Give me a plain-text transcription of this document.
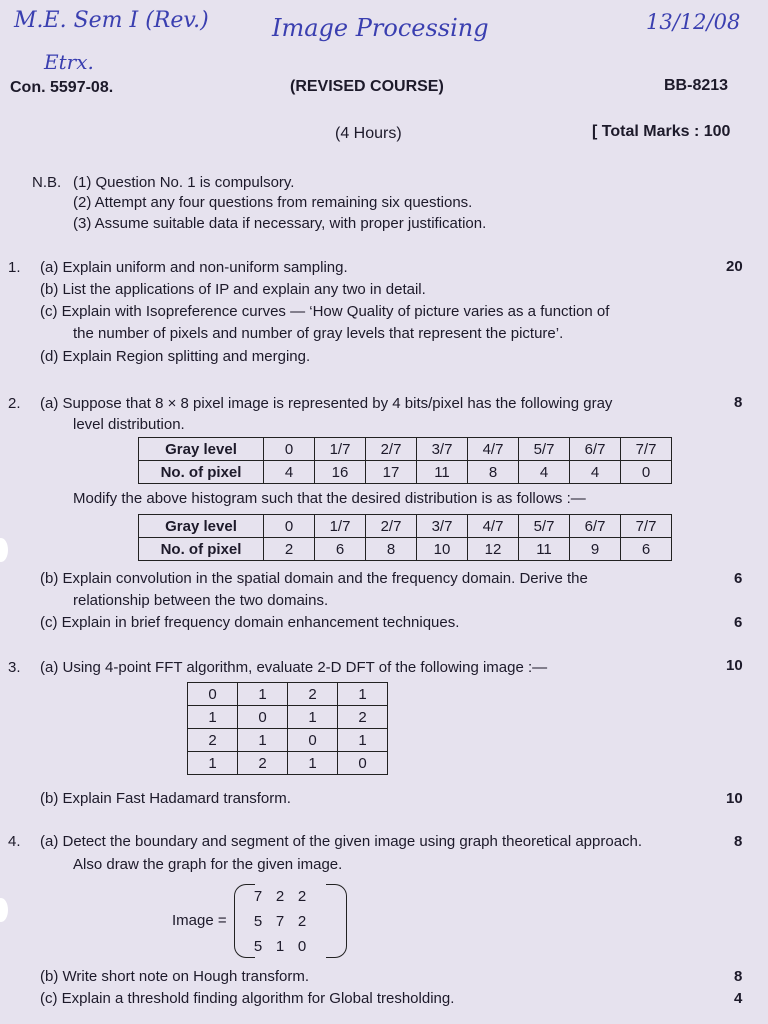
M.E. Sem I (Rev.)	Image Processing	13/12/08
Etrx.
Con. 5597-08.	(REVISED COURSE)	BB-8213
(4 Hours)	[ Total Marks : 100
N.B. (1) Question No. 1 is compulsory.
(2) Attempt any four questions from remaining six questions.
(3) Assume suitable data if necessary, with proper justification.
1.	20
(a) Explain uniform and non-uniform sampling.
(b) List the applications of IP and explain any two in detail.
(c) Explain with Isopreference curves — ‘How Quality of picture varies as a function of
the number of pixels and number of gray levels that represent the picture’.
(d) Explain Region splitting and merging.
2. (a) Suppose that 8 × 8 pixel image is represented by 4 bits/pixel has the following gray	8
level distribution.
Gray level	0	1/7	2/7	3/7	4/7	5/7	6/7	7/7
No. of pixel	4	16	17	11	8	4	4	0
Modify the above histogram such that the desired distribution is as follows :—
Gray level	0	1/7	2/7	3/7	4/7	5/7	6/7	7/7
No. of pixel	2	6	8	10	12	11	9	6
(b) Explain convolution in the spatial domain and the frequency domain. Derive the	6
relationship between the two domains.
(c) Explain in brief frequency domain enhancement techniques.	6
3. (a) Using 4-point FFT algorithm, evaluate 2-D DFT of the following image :—	10
0	1	2	1
1	0	1	2
2	1	0	1
1	2	1	0
(b) Explain Fast Hadamard transform.	10
4. (a) Detect the boundary and segment of the given image using graph theoretical approach.	8
Also draw the graph for the given image.
Image =
7 2 2
5 7 2
5 1 0
(b) Write short note on Hough transform.	8
(c) Explain a threshold finding algorithm for Global tresholding.	4
